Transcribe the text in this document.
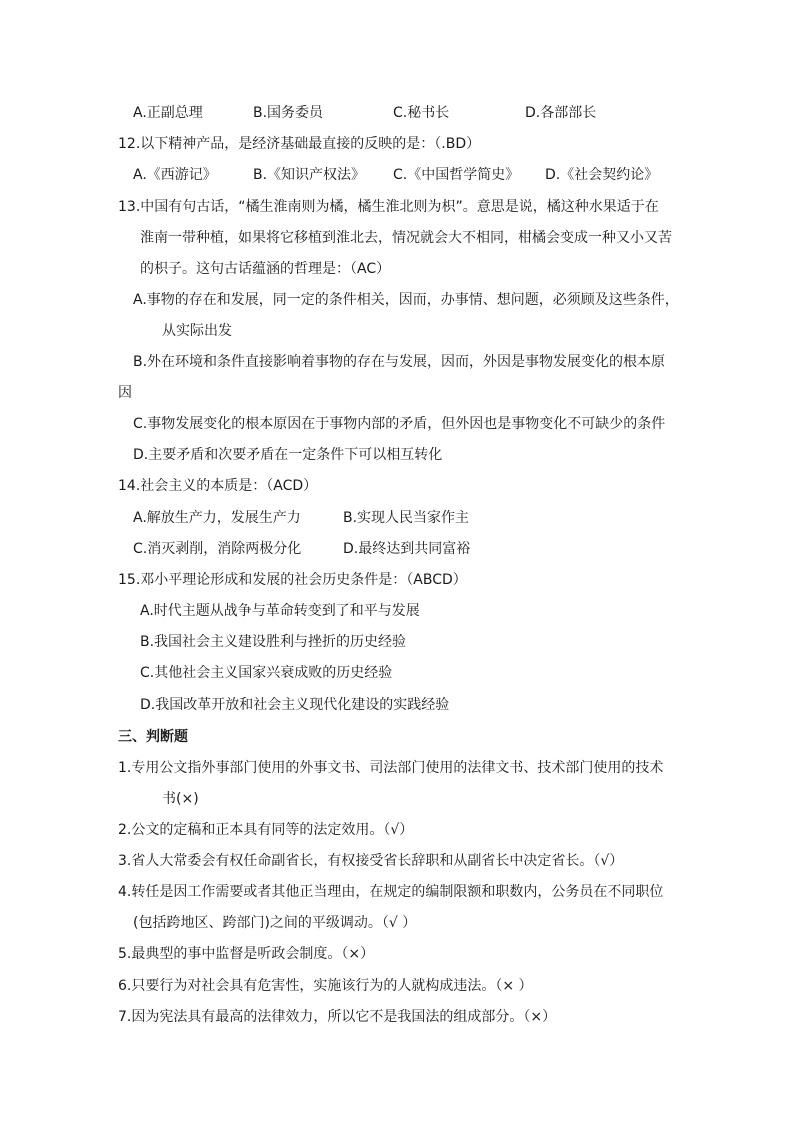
A.正副总理	B.国务委员	C.秘书长	D.各部部长
12.以下精神产品，是经济基础最直接的反映的是：（.BD）
A.《西游记》	B.《知识产权法》 C.《中国哲学简史》 D.《社会契约论》
13.中国有句古话，“橘生淮南则为橘，橘生淮北则为枳”。意思是说，橘这种水果适于在
淮南一带种植，如果将它移植到淮北去，情况就会大不相同，柑橘会变成一种又小又苦
的枳子。这句古话蕴涵的哲理是：（AC）
A.事物的存在和发展，同一定的条件相关，因而，办事情、想问题，必须顾及这些条件，
从实际出发
B.外在环境和条件直接影响着事物的存在与发展，因而，外因是事物发展变化的根本原
因
C.事物发展变化的根本原因在于事物内部的矛盾，但外因也是事物变化不可缺少的条件
D.主要矛盾和次要矛盾在一定条件下可以相互转化
14.社会主义的本质是：（ACD）
A.解放生产力，发展生产力	B.实现人民当家作主
C.消灭剥削，消除两极分化	D.最终达到共同富裕
15.邓小平理论形成和发展的社会历史条件是：（ABCD）
A.时代主题从战争与革命转变到了和平与发展
B.我国社会主义建设胜利与挫折的历史经验
C.其他社会主义国家兴衰成败的历史经验
D.我国改革开放和社会主义现代化建设的实践经验
三、判断题
1.专用公文指外事部门使用的外事文书、司法部门使用的法律文书、技术部门使用的技术
书(×)
2.公文的定稿和正本具有同等的法定效用。（√）
3.省人大常委会有权任命副省长，有权接受省长辞职和从副省长中决定省长。（√）
4.转任是因工作需要或者其他正当理由，在规定的编制限额和职数内，公务员在不同职位
(包括跨地区、跨部门)之间的平级调动。（√ ）
5.最典型的事中监督是听政会制度。（×）
6.只要行为对社会具有危害性，实施该行为的人就构成违法。（× ）
7.因为宪法具有最高的法律效力，所以它不是我国法的组成部分。（×）
